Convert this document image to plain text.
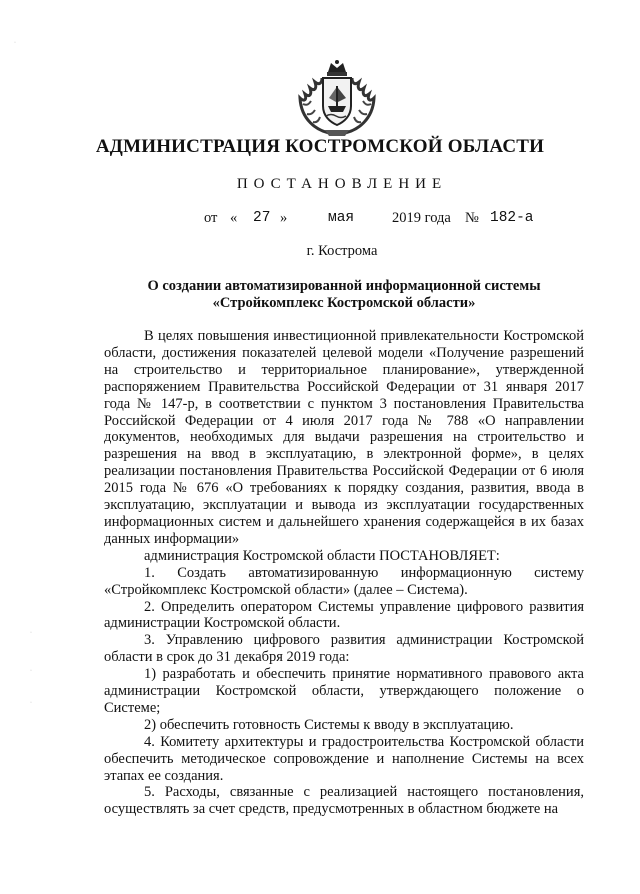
АДМИНИСТРАЦИЯ КОСТРОМСКОЙ ОБЛАСТИ
ПОСТАНОВЛЕНИЕ
от « 27 »	мая	2019 года № 182-а
г. Кострома
О создании автоматизированной информационной системы
«Стройкомплекс Костромской области»

В целях повышения инвестиционной привлекательности Костромской области, достижения показателей целевой модели «Получение разрешений на строительство и территориальное планирование», утвержденной распоряжением Правительства Российской Федерации от 31 января 2017 года № 147-р, в соответствии с пунктом 3 постановления Правительства Российской Федерации от 4 июля 2017 года № 788 «О направлении документов, необходимых для выдачи разрешения на строительство и разрешения на ввод в эксплуатацию, в электронной форме», в целях реализации постановления Правительства Российской Федерации от 6 июля 2015 года № 676 «О требованиях к порядку создания, развития, ввода в эксплуатацию, эксплуатации и вывода из эксплуатации государственных информационных систем и дальнейшего хранения содержащейся в их базах данных информации»

администрация Костромской области ПОСТАНОВЛЯЕТ:

1. Создать автоматизированную информационную систему «Стройкомплекс Костромской области» (далее – Система).

2. Определить оператором Системы управление цифрового развития администрации Костромской области.

3. Управлению цифрового развития администрации Костромской области в срок до 31 декабря 2019 года:

1) разработать и обеспечить принятие нормативного правового акта администрации Костромской области, утверждающего положение о Системе;

2) обеспечить готовность Системы к вводу в эксплуатацию.

4. Комитету архитектуры и градостроительства Костромской области обеспечить методическое сопровождение и наполнение Системы на всех этапах ее создания.

5. Расходы, связанные с реализацией настоящего постановления, осуществлять за счет средств, предусмотренных в областном бюджете на

·
·
·
·
